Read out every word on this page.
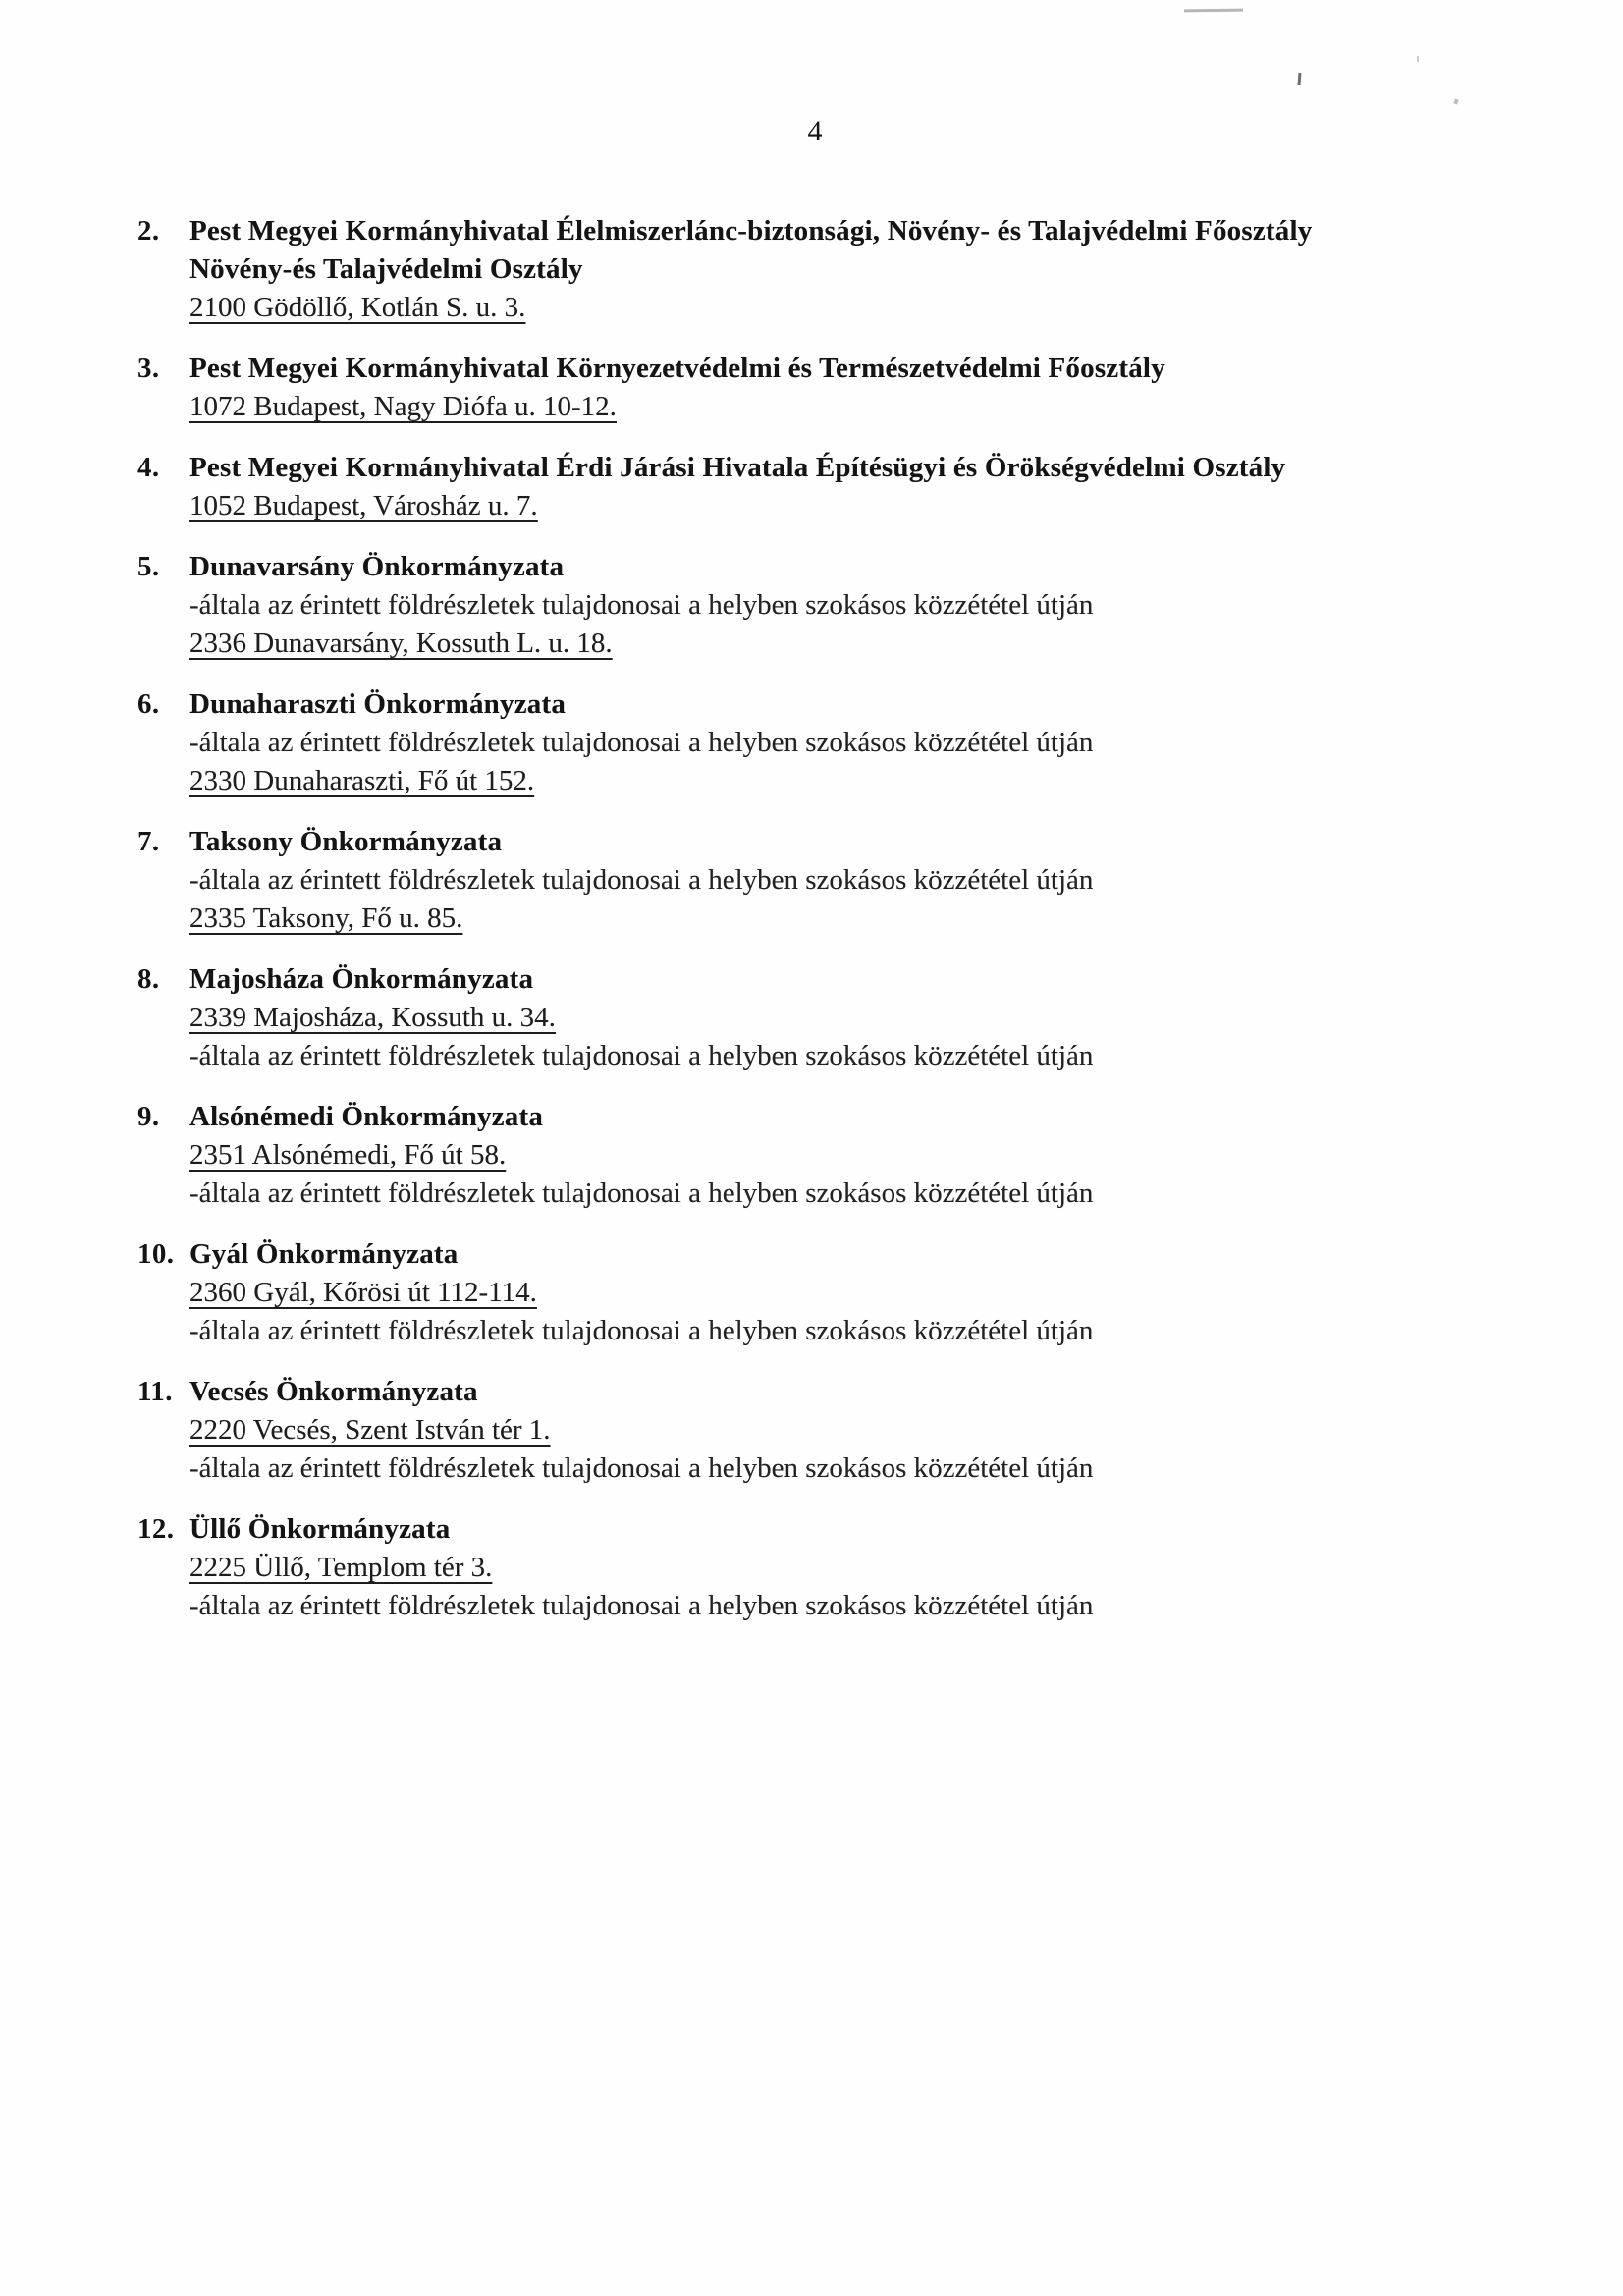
4
2.	Pest Megyei Kormányhivatal Élelmiszerlánc-biztonsági, Növény- és Talajvédelmi Főosztály
Növény-és Talajvédelmi Osztály
2100 Gödöllő, Kotlán S. u. 3.
3.	Pest Megyei Kormányhivatal Környezetvédelmi és Természetvédelmi Főosztály
1072 Budapest, Nagy Diófa u. 10-12.
4.	Pest Megyei Kormányhivatal Érdi Járási Hivatala Építésügyi és Örökségvédelmi Osztály
1052 Budapest, Városház u. 7.
5.	Dunavarsány Önkormányzata
-általa az érintett földrészletek tulajdonosai a helyben szokásos közzététel útján
2336 Dunavarsány, Kossuth L. u. 18.
6.	Dunaharaszti Önkormányzata
-általa az érintett földrészletek tulajdonosai a helyben szokásos közzététel útján
2330 Dunaharaszti, Fő út 152.
7.	Taksony Önkormányzata
-általa az érintett földrészletek tulajdonosai a helyben szokásos közzététel útján
2335 Taksony, Fő u. 85.
8.	Majosháza Önkormányzata
2339 Majosháza, Kossuth u. 34.
-általa az érintett földrészletek tulajdonosai a helyben szokásos közzététel útján
9.	Alsónémedi Önkormányzata
2351 Alsónémedi, Fő út 58.
-általa az érintett földrészletek tulajdonosai a helyben szokásos közzététel útján
10. Gyál Önkormányzata
2360 Gyál, Kőrösi út 112-114.
-általa az érintett földrészletek tulajdonosai a helyben szokásos közzététel útján
11. Vecsés Önkormányzata
2220 Vecsés, Szent István tér 1.
-általa az érintett földrészletek tulajdonosai a helyben szokásos közzététel útján
12. Üllő Önkormányzata
2225 Üllő, Templom tér 3.
-általa az érintett földrészletek tulajdonosai a helyben szokásos közzététel útján
